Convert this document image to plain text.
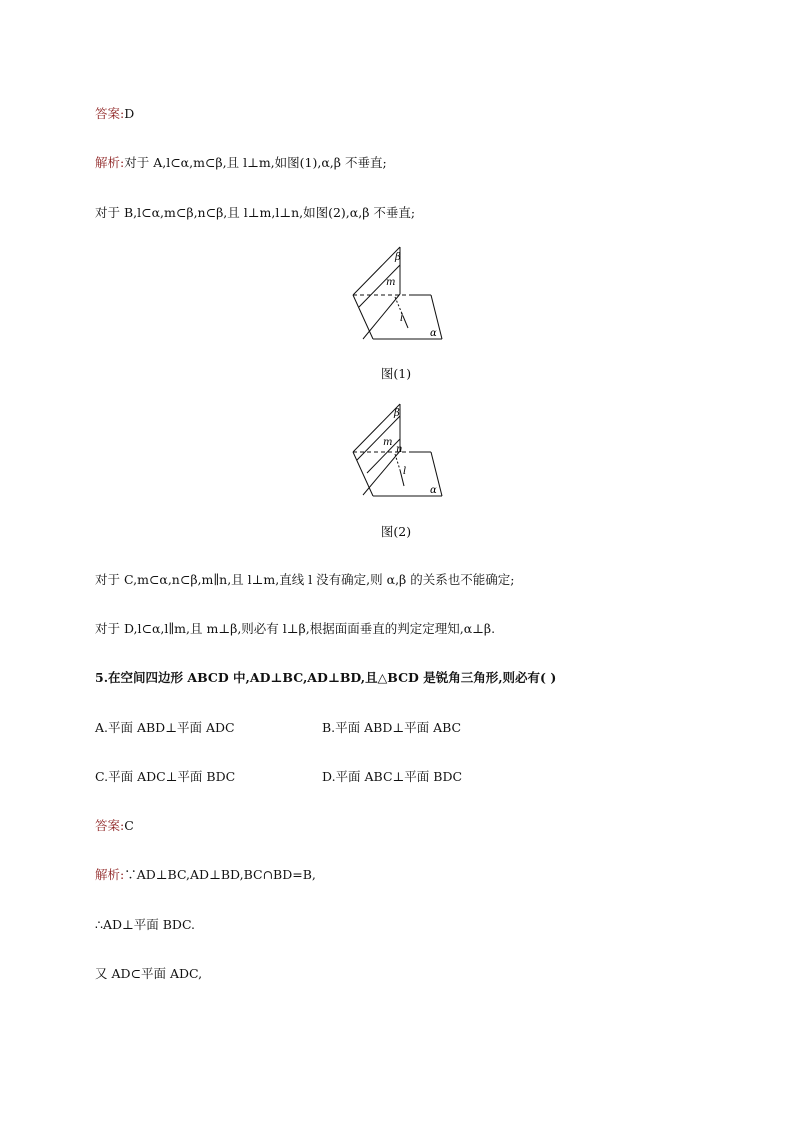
答案:D
解析:对于 A,l⊂α,m⊂β,且 l⊥m,如图(1),α,β 不垂直;
对于 B,l⊂α,m⊂β,n⊂β,且 l⊥m,l⊥n,如图(2),α,β 不垂直;
β
m
l
α
图(1)
β
m
n
l
α
图(2)
对于 C,m⊂α,n⊂β,m∥n,且 l⊥m,直线 l 没有确定,则 α,β 的关系也不能确定;
对于 D,l⊂α,l∥m,且 m⊥β,则必有 l⊥β,根据面面垂直的判定定理知,α⊥β.
5.在空间四边形 ABCD 中,AD⊥BC,AD⊥BD,且△BCD 是锐角三角形,则必有( )
A.平面 ABD⊥平面 ADC	B.平面 ABD⊥平面 ABC
C.平面 ADC⊥平面 BDC	D.平面 ABC⊥平面 BDC
答案:C
解析:∵AD⊥BC,AD⊥BD,BC∩BD=B,
∴AD⊥平面 BDC.
又 AD⊂平面 ADC,
